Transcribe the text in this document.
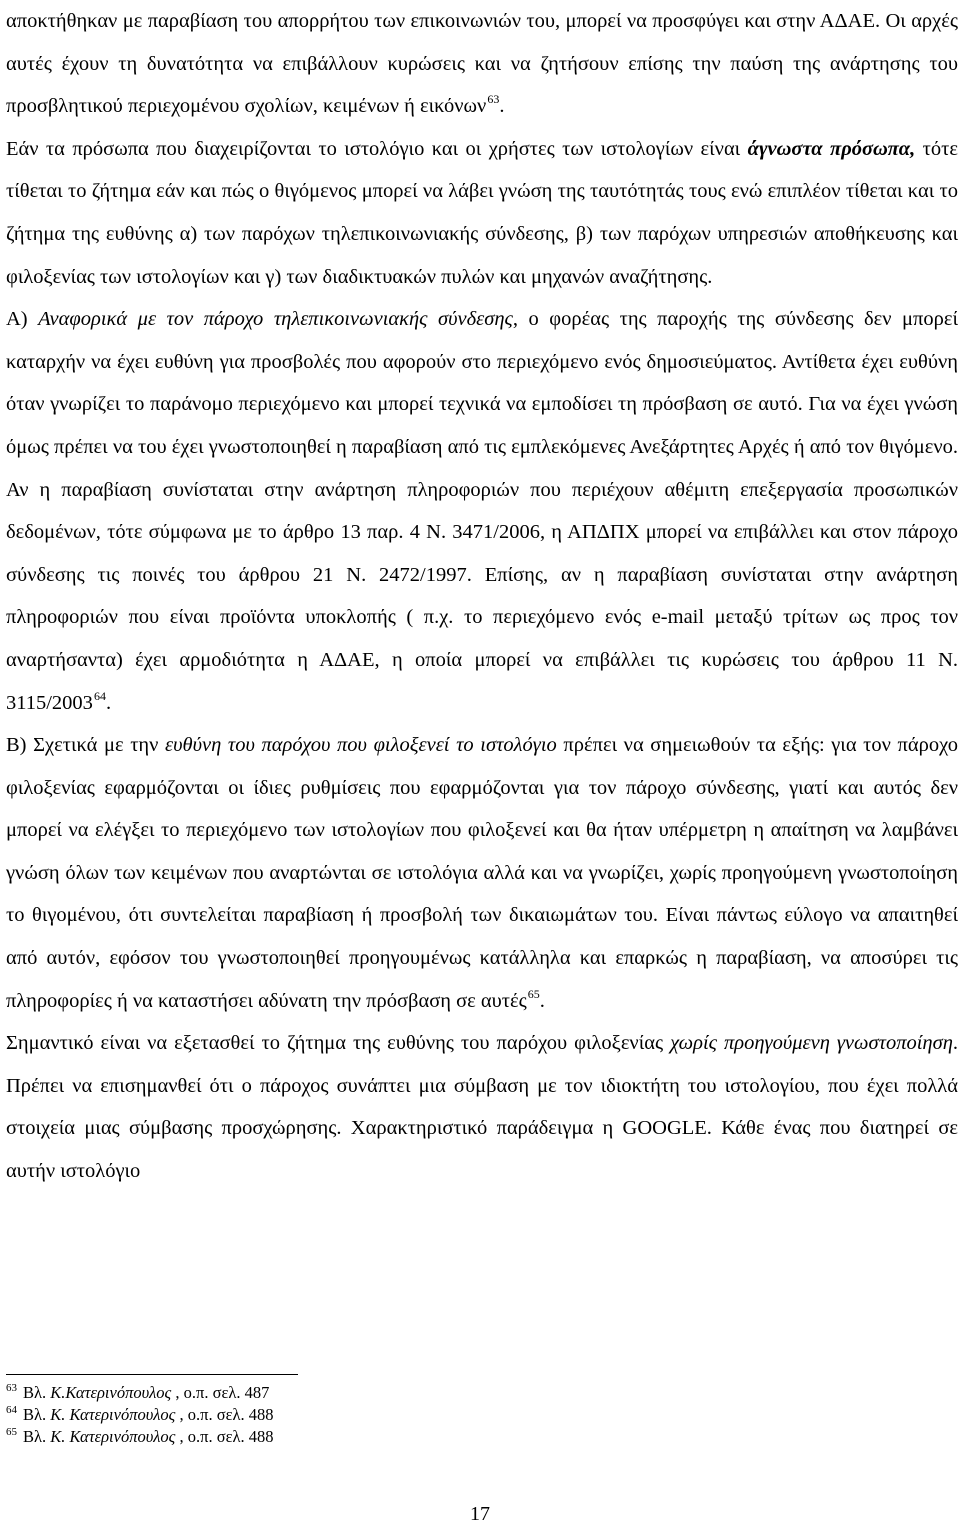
αποκτήθηκαν με παραβίαση του απορρήτου των επικοινωνιών του, μπορεί να προσφύγει και στην ΑΔΑΕ. Οι αρχές αυτές έχουν τη δυνατότητα να επιβάλλουν κυρώσεις και να ζητήσουν επίσης την παύση της ανάρτησης του προσβλητικού περιεχομένου σχολίων, κειμένων ή εικόνων$^{63}$.

Εάν τα πρόσωπα που διαχειρίζονται το ιστολόγιο και οι χρήστες των ιστολογίων είναι άγνωστα πρόσωπα, τότε τίθεται το ζήτημα εάν και πώς ο θιγόμενος μπορεί να λάβει γνώση της ταυτότητάς τους ενώ επιπλέον τίθεται και το ζήτημα της ευθύνης α) των παρόχων τηλεπικοινωνιακής σύνδεσης, β) των παρόχων υπηρεσιών αποθήκευσης και φιλοξενίας των ιστολογίων και γ) των διαδικτυακών πυλών και μηχανών αναζήτησης.

Α) Αναφορικά με τον πάροχο τηλεπικοινωνιακής σύνδεσης, ο φορέας της παροχής της σύνδεσης δεν μπορεί καταρχήν να έχει ευθύνη για προσβολές που αφορούν στο περιεχόμενο ενός δημοσιεύματος. Αντίθετα έχει ευθύνη όταν γνωρίζει το παράνομο περιεχόμενο και μπορεί τεχνικά να εμποδίσει τη πρόσβαση σε αυτό. Για να έχει γνώση όμως πρέπει να του έχει γνωστοποιηθεί η παραβίαση από τις εμπλεκόμενες Ανεξάρτητες Αρχές ή από τον θιγόμενο. Αν η παραβίαση συνίσταται στην ανάρτηση πληροφοριών που περιέχουν αθέμιτη επεξεργασία προσωπικών δεδομένων, τότε σύμφωνα με το άρθρο 13 παρ. 4 Ν. 3471/2006, η ΑΠΔΠΧ μπορεί να επιβάλλει και στον πάροχο σύνδεσης τις ποινές του άρθρου 21 Ν. 2472/1997. Επίσης, αν η παραβίαση συνίσταται στην ανάρτηση πληροφοριών που είναι προϊόντα υποκλοπής ( π.χ. το περιεχόμενο ενός e-mail μεταξύ τρίτων ως προς τον αναρτήσαντα) έχει αρμοδιότητα η ΑΔΑΕ, η οποία μπορεί να επιβάλλει τις κυρώσεις του άρθρου 11 Ν. 3115/2003$^{64}$.

Β) Σχετικά με την ευθύνη του παρόχου που φιλοξενεί το ιστολόγιο πρέπει να σημειωθούν τα εξής: για τον πάροχο φιλοξενίας εφαρμόζονται οι ίδιες ρυθμίσεις που εφαρμόζονται για τον πάροχο σύνδεσης, γιατί και αυτός δεν μπορεί να ελέγξει το περιεχόμενο των ιστολογίων που φιλοξενεί και θα ήταν υπέρμετρη η απαίτηση να λαμβάνει γνώση όλων των κειμένων που αναρτώνται σε ιστολόγια αλλά και να γνωρίζει, χωρίς προηγούμενη γνωστοποίηση το θιγομένου, ότι συντελείται παραβίαση ή προσβολή των δικαιωμάτων του. Είναι πάντως εύλογο να απαιτηθεί από αυτόν, εφόσον του γνωστοποιηθεί προηγουμένως κατάλληλα και επαρκώς η παραβίαση, να αποσύρει τις πληροφορίες ή να καταστήσει αδύνατη την πρόσβαση σε αυτές$^{65}$.

Σημαντικό είναι να εξετασθεί το ζήτημα της ευθύνης του παρόχου φιλοξενίας χωρίς προηγούμενη γνωστοποίηση. Πρέπει να επισημανθεί ότι ο πάροχος συνάπτει μια σύμβαση με τον ιδιοκτήτη του ιστολογίου, που έχει πολλά στοιχεία μιας σύμβασης προσχώρησης. Χαρακτηριστικό παράδειγμα η GOOGLE. Κάθε ένας που διατηρεί σε αυτήν ιστολόγιο

$^{63}$ Βλ. Κ.Κατερινόπουλος , ο.π. σελ. 487
$^{64}$ Βλ. Κ. Κατερινόπουλος , ο.π. σελ. 488
$^{65}$ Βλ. Κ. Κατερινόπουλος , ο.π. σελ. 488
17
